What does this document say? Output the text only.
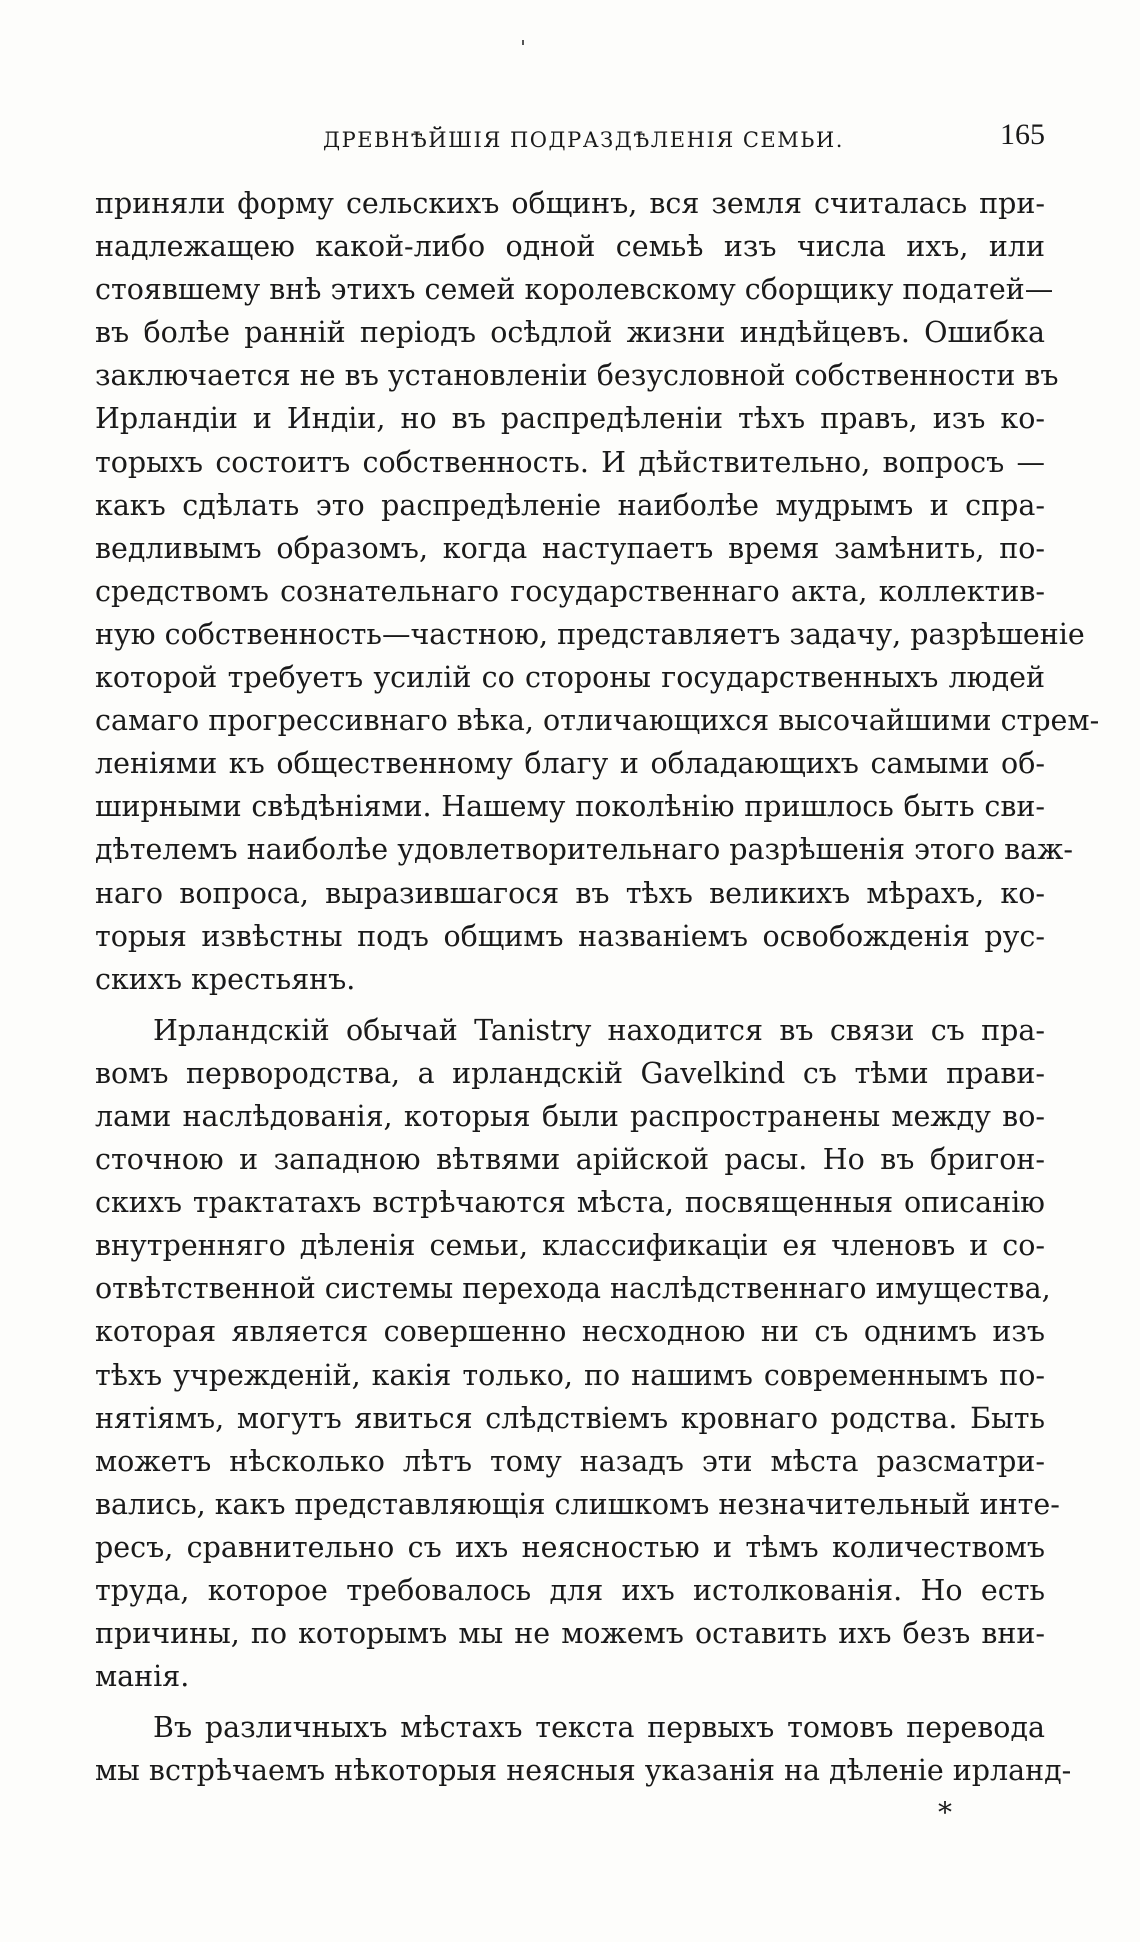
ДРЕВНѢЙШІЯ ПОДРАЗДѢЛЕНІЯ СЕМЬИ.	165
приняли форму сельскихъ общинъ, вся земля считалась при-
надлежащею какой-либо одной семьѣ изъ числа ихъ, или
стоявшему внѣ этихъ семей королевскому сборщику податей—
въ болѣе ранній періодъ осѣдлой жизни индѣйцевъ. Ошибка
заключается не въ установленіи безусловной собственности въ
Ирландіи и Индіи, но въ распредѣленіи тѣхъ правъ, изъ ко-
торыхъ состоитъ собственность. И дѣйствительно, вопросъ —
какъ сдѣлать это распредѣленіе наиболѣе мудрымъ и спра-
ведливымъ образомъ, когда наступаетъ время замѣнить, по-
средствомъ сознательнаго государственнаго акта, коллектив-
ную собственность—частною, представляетъ задачу, разрѣшеніе
которой требуетъ усилій со стороны государственныхъ людей
самаго прогрессивнаго вѣка, отличающихся высочайшими стрем-
леніями къ общественному благу и обладающихъ самыми об-
ширными свѣдѣніями. Нашему поколѣнію пришлось быть сви-
дѣтелемъ наиболѣе удовлетворительнаго разрѣшенія этого важ-
наго вопроса, выразившагося въ тѣхъ великихъ мѣрахъ, ко-
торыя извѣстны подъ общимъ названіемъ освобожденія рус-
скихъ крестьянъ.
Ирландскій обычай Tanistry находится въ связи съ пра-
вомъ первородства, а ирландскій Gavelkind съ тѣми прави-
лами наслѣдованія, которыя были распространены между во-
сточною и западною вѣтвями арійской расы. Но въ бригон-
скихъ трактатахъ встрѣчаются мѣста, посвященныя описанію
внутренняго дѣленія семьи, классификаціи ея членовъ и со-
отвѣтственной системы перехода наслѣдственнаго имущества,
которая является совершенно несходною ни съ однимъ изъ
тѣхъ учрежденій, какія только, по нашимъ современнымъ по-
нятіямъ, могутъ явиться слѣдствіемъ кровнаго родства. Быть
можетъ нѣсколько лѣтъ тому назадъ эти мѣста разсматри-
вались, какъ представляющія слишкомъ незначительный инте-
ресъ, сравнительно съ ихъ неясностью и тѣмъ количествомъ
труда, которое требовалось для ихъ истолкованія. Но есть
причины, по которымъ мы не можемъ оставить ихъ безъ вни-
манія.
Въ различныхъ мѣстахъ текста первыхъ томовъ перевода
мы встрѣчаемъ нѣкоторыя неясныя указанія на дѣленіе ирланд-
*
